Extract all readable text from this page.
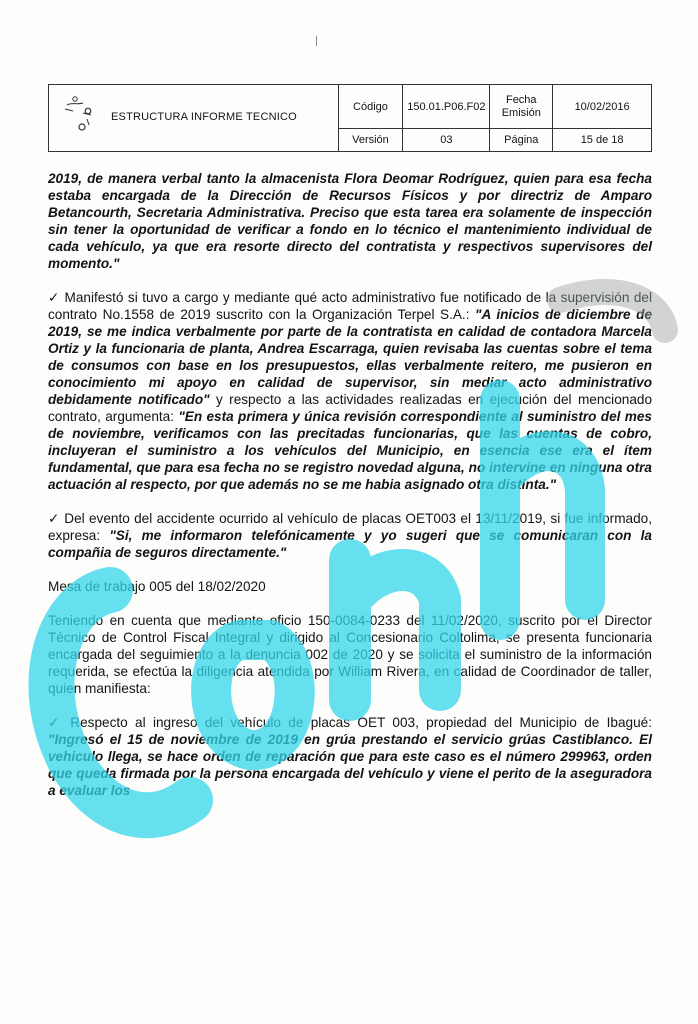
ESTRUCTURA INFORME TECNICO	Código	150.01.P06.F02	Fecha Emisión	10/02/2016
	Versión	03	Página	15 de 18

2019, de manera verbal tanto la almacenista Flora Deomar Rodríguez, quien para esa fecha estaba encargada de la Dirección de Recursos Físicos y por directriz de Amparo Betancourth, Secretaria Administrativa. Preciso que esta tarea era solamente de inspección sin tener la oportunidad de verificar a fondo en lo técnico el mantenimiento individual de cada vehículo, ya que era resorte directo del contratista y respectivos supervisores del momento."

✓ Manifestó si tuvo a cargo y mediante qué acto administrativo fue notificado de la supervisión del contrato No.1558 de 2019 suscrito con la Organización Terpel S.A.: "A inicios de diciembre de 2019, se me indica verbalmente por parte de la contratista en calidad de contadora Marcela Ortiz y la funcionaria de planta, Andrea Escarraga, quien revisaba las cuentas sobre el tema de consumos con base en los presupuestos, ellas verbalmente reitero, me pusieron en conocimiento mi apoyo en calidad de supervisor, sin mediar acto administrativo debidamente notificado" y respecto a las actividades realizadas en ejecución del mencionado contrato, argumenta: "En esta primera y única revisión correspondiente al suministro del mes de noviembre, verificamos con las precitadas funcionarias, que las cuentas de cobro, incluyeran el suministro a los vehículos del Municipio, en esencia ese era el ítem fundamental, que para esa fecha no se registro novedad alguna, no intervine en ninguna otra actuación al respecto, por que además no se me habia asignado otra distinta."

✓ Del evento del accidente ocurrido al vehículo de placas OET003 el 13/11/2019, si fue informado, expresa: "Si, me informaron telefónicamente y yo sugeri que se comunicaran con la compañia de seguros directamente."

Mesa de trabajo 005 del 18/02/2020

Teniendo en cuenta que mediante oficio 150-0084-0233 del 11/02/2020, suscrito por el Director Técnico de Control Fiscal Integral y dirigido al Concesionario Coltolima, se presenta funcionaria encargada del seguimiento a la denuncia 002 de 2020 y se solicita el suministro de la información requerida, se efectúa la diligencia atendida por William Rivera, en calidad de Coordinador de taller, quien manifiesta:

✓ Respecto al ingreso del vehículo de placas OET 003, propiedad del Municipio de Ibagué: "Ingresó el 15 de noviembre de 2019 en grúa prestando el servicio grúas Castiblanco. El vehiculo llega, se hace orden de reparación que para este caso es el número 299963, orden que queda firmada por la persona encargada del vehículo y viene el perito de la aseguradora a evaluar los
